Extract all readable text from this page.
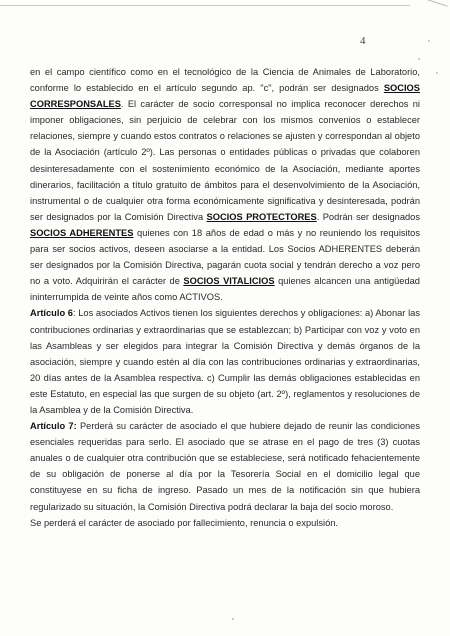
4

en el campo científico como en el tecnológico de la Ciencia de Animales de Laboratorio, conforme lo establecido en el artículo segundo ap. "c", podrán ser designados SOCIOS CORRESPONSALES. El carácter de socio corresponsal no implica reconocer derechos ni imponer obligaciones, sin perjuicio de celebrar con los mismos convenios o establecer relaciones, siempre y cuando estos contratos o relaciones se ajusten y correspondan al objeto de la Asociación (artículo 2º). Las personas o entidades públicas o privadas que colaboren desinteresadamente con el sostenimiento económico de la Asociación, mediante aportes dinerarios, facilitación a título gratuito de ámbitos para el desenvolvimiento de la Asociación, instrumental o de cualquier otra forma económicamente significativa y desinteresada, podrán ser designados por la Comisión Directiva SOCIOS PROTECTORES. Podrán ser designados SOCIOS ADHERENTES quienes con 18 años de edad o más y no reuniendo los requisitos para ser socios activos, deseen asociarse a la entidad. Los Socios ADHERENTES deberán ser designados por la Comisión Directiva, pagarán cuota social y tendrán derecho a voz pero no a voto. Adquirirán el carácter de SOCIOS VITALICIOS quienes alcancen una antigüedad ininterrumpida de veinte años como ACTIVOS.

Artículo 6: Los asociados Activos tienen los siguientes derechos y obligaciones: a) Abonar las contribuciones ordinarias y extraordinarias que se establezcan; b) Participar con voz y voto en las Asambleas y ser elegidos para integrar la Comisión Directiva y demás órganos de la asociación, siempre y cuando estén al día con las contribuciones ordinarias y extraordinarias, 20 días antes de la Asamblea respectiva. c) Cumplir las demás obligaciones establecidas en este Estatuto, en especial las que surgen de su objeto (art. 2º), reglamentos y resoluciones de la Asamblea y de la Comisión Directiva.

Artículo 7: Perderá su carácter de asociado el que hubiere dejado de reunir las condiciones esenciales requeridas para serlo. El asociado que se atrase en el pago de tres (3) cuotas anuales o de cualquier otra contribución que se estableciese, será notificado fehacientemente de su obligación de ponerse al día por la Tesorería Social en el domicilio legal que constituyese en su ficha de ingreso. Pasado un mes de la notificación sin que hubiera regularizado su situación, la Comisión Directiva podrá declarar la baja del socio moroso.

Se perderá el carácter de asociado por fallecimiento, renuncia o expulsión.
